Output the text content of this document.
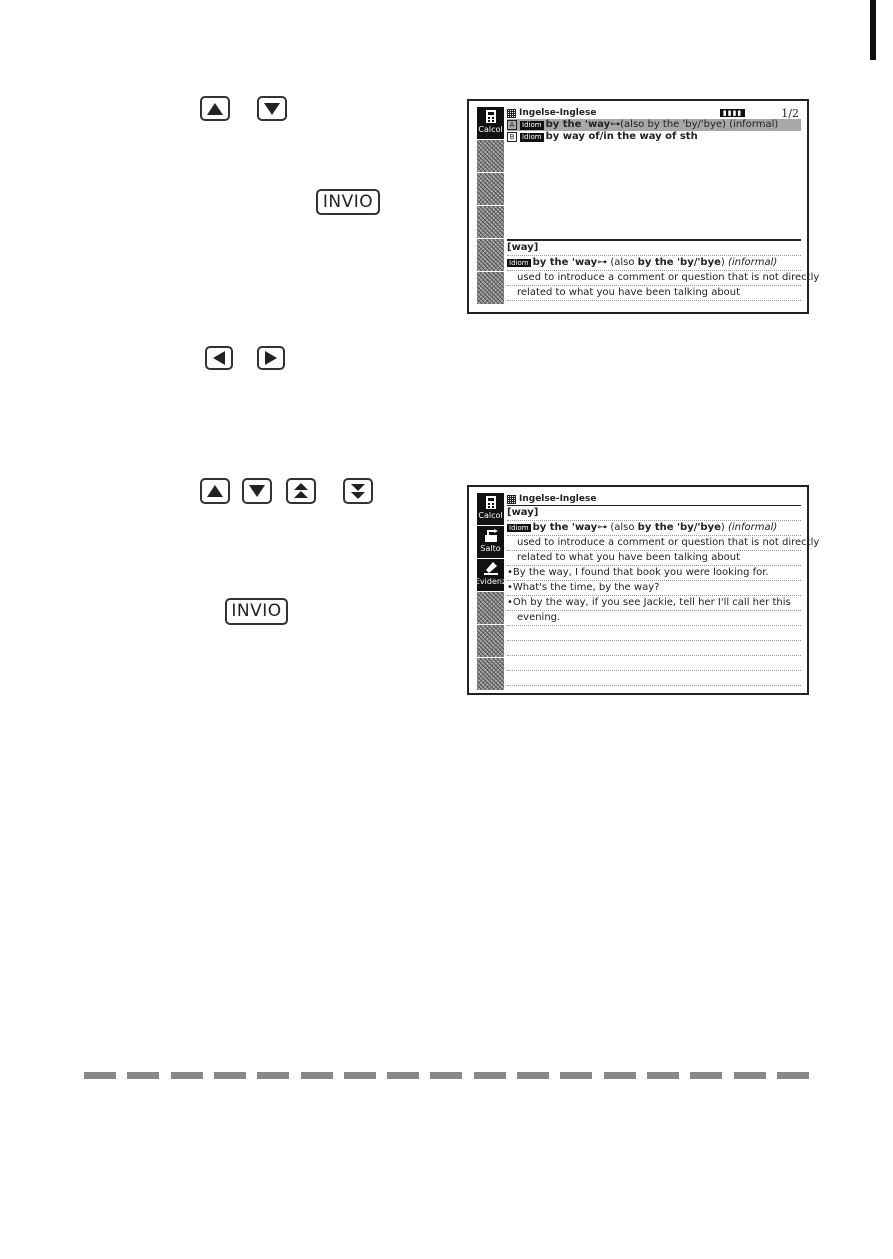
INVIO
Calcol
Ingelse-Inglese	▮▮▮▮	1/2
A	Idiom by the 'way ⊶ (also by the 'by/'bye) (informal)
B	Idiom by way of/in the way of sth
[way]
Idiom by the 'way⊶ (also by the 'by/'bye) (informal)
used to introduce a comment or question that is not directly
related to what you have been talking about
INVIO
Calcol
Salto
Evidenz
Ingelse-Inglese
[way]
Idiom by the 'way⊶ (also by the 'by/'bye) (informal)
used to introduce a comment or question that is not directly
related to what you have been talking about
•By the way, I found that book you were looking for.
•What's the time, by the way?
•Oh by the way, if you see Jackie, tell her I'll call her this
evening.
